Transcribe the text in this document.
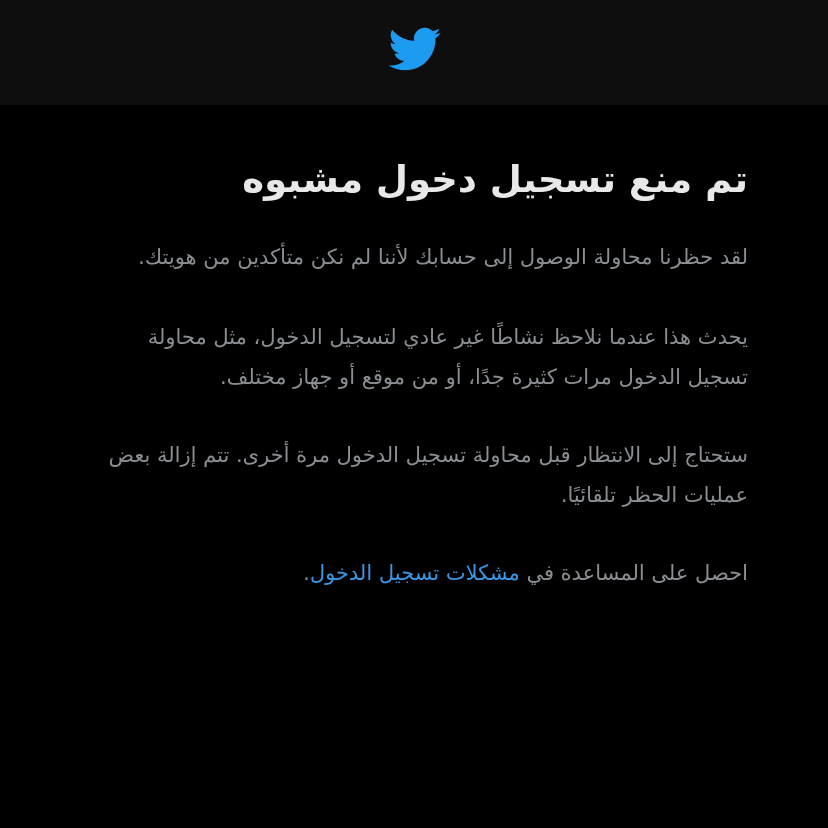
تم منع تسجيل دخول مشبوه

لقد حظرنا محاولة الوصول إلى حسابك لأننا لم نكن متأكدين من هويتك.

يحدث هذا عندما نلاحظ نشاطًا غير عادي لتسجيل الدخول، مثل محاولة تسجيل الدخول مرات كثيرة جدًا، أو من موقع أو جهاز مختلف.

ستحتاج إلى الانتظار قبل محاولة تسجيل الدخول مرة أخرى. تتم إزالة بعض عمليات الحظر تلقائيًا.

احصل على المساعدة في مشكلات تسجيل الدخول.
